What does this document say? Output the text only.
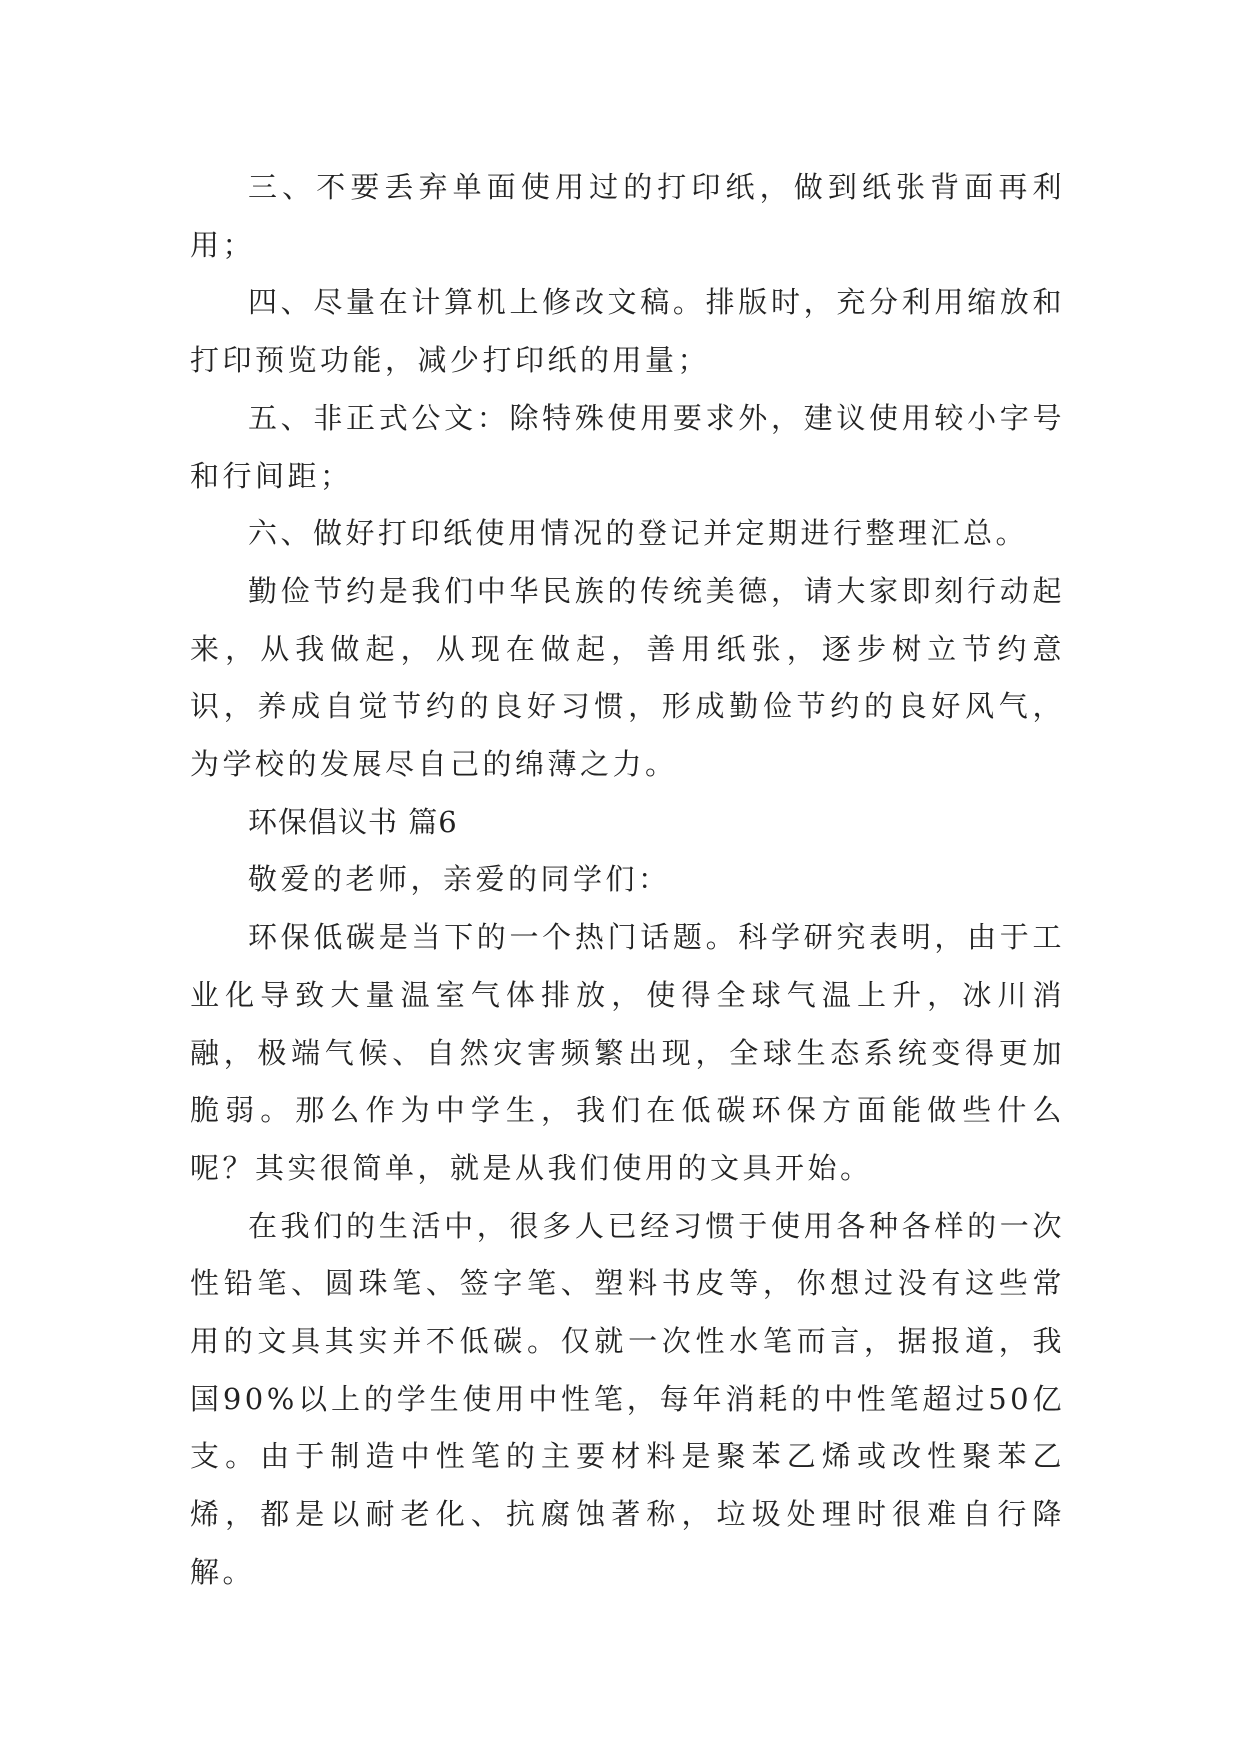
三、不要丢弃单面使用过的打印纸，做到纸张背面再利用；

四、尽量在计算机上修改文稿。排版时，充分利用缩放和打印预览功能，减少打印纸的用量；

五、非正式公文：除特殊使用要求外，建议使用较小字号和行间距；

六、做好打印纸使用情况的登记并定期进行整理汇总。

勤俭节约是我们中华民族的传统美德，请大家即刻行动起来，从我做起，从现在做起，善用纸张，逐步树立节约意识，养成自觉节约的良好习惯，形成勤俭节约的良好风气，为学校的发展尽自己的绵薄之力。

环保倡议书 篇6

敬爱的老师，亲爱的同学们：

环保低碳是当下的一个热门话题。科学研究表明，由于工业化导致大量温室气体排放，使得全球气温上升，冰川消融，极端气候、自然灾害频繁出现，全球生态系统变得更加脆弱。那么作为中学生，我们在低碳环保方面能做些什么呢？其实很简单，就是从我们使用的文具开始。

在我们的生活中，很多人已经习惯于使用各种各样的一次性铅笔、圆珠笔、签字笔、塑料书皮等，你想过没有这些常用的文具其实并不低碳。仅就一次性水笔而言，据报道，我国90%以上的学生使用中性笔，每年消耗的中性笔超过50亿支。由于制造中性笔的主要材料是聚苯乙烯或改性聚苯乙烯，都是以耐老化、抗腐蚀著称，垃圾处理时很难自行降解。
